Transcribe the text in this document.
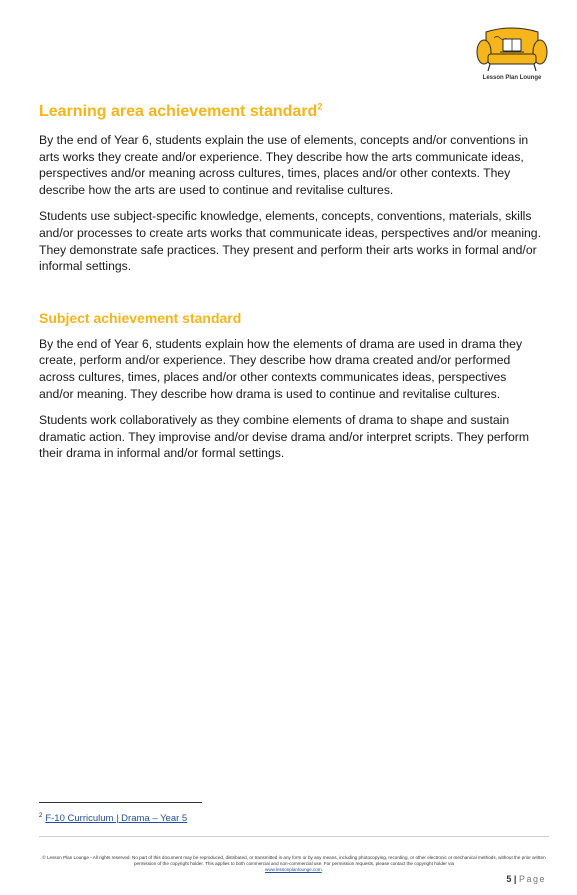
Lesson Plan Lounge
Learning area achievement standard$^2$

By the end of Year 6, students explain the use of elements, concepts and/or conventions in arts works they create and/or experience. They describe how the arts communicate ideas, perspectives and/or meaning across cultures, times, places and/or other contexts. They describe how the arts are used to continue and revitalise cultures.

Students use subject-specific knowledge, elements, concepts, conventions, materials, skills and/or processes to create arts works that communicate ideas, perspectives and/or meaning. They demonstrate safe practices. They present and perform their arts works in formal and/or informal settings.

Subject achievement standard

By the end of Year 6, students explain how the elements of drama are used in drama they create, perform and/or experience. They describe how drama created and/or performed across cultures, times, places and/or other contexts communicates ideas, perspectives and/or meaning. They describe how drama is used to continue and revitalise cultures.

Students work collaboratively as they combine elements of drama to shape and sustain dramatic action. They improvise and/or devise drama and/or interpret scripts. They perform their drama in informal and/or formal settings.

$^2$ F-10 Curriculum | Drama – Year 5
© Lesson Plan Lounge - All rights reserved. No part of this document may be reproduced, distributed, or transmitted in any form or by any means, including photocopying, recording, or other electronic or mechanical methods, without the prior written permission of the copyright holder. This applies to both commercial and non-commercial use. For permission requests, please contact the copyright holder via
www.lessonplanlounge.com.
5 | Page
